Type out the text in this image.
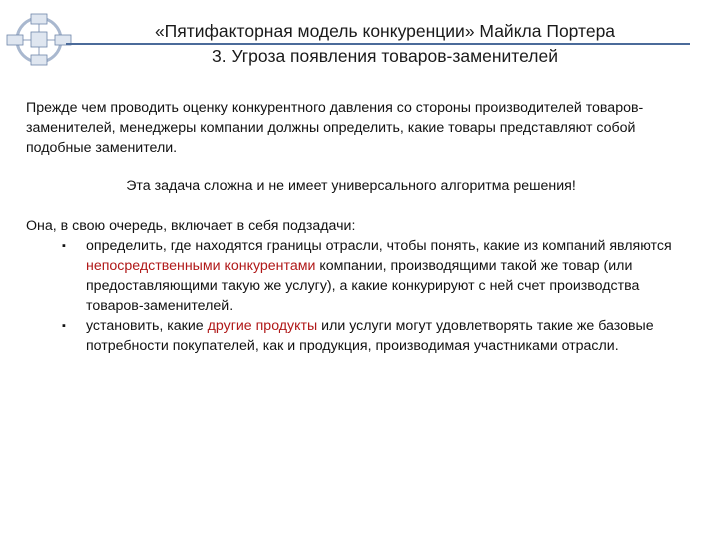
«Пятифакторная модель конкуренции» Майкла Портера
3. Угроза появления товаров-заменителей

Прежде чем проводить оценку конкурентного давления со стороны производителей товаров-заменителей, менеджеры компании должны определить, какие товары представляют собой подобные заменители.

Эта задача сложна и не имеет универсального алгоритма решения!

Она, в свою очередь, включает в себя подзадачи:

▪ определить, где находятся границы отрасли, чтобы понять, какие из компаний являются непосредственными конкурентами компании, производящими такой же товар (или предоставляющими такую же услугу), а какие конкурируют с ней счет производства товаров-заменителей.
▪ установить, какие другие продукты или услуги могут удовлетворять такие же базовые потребности покупателей, как и продукция, производимая участниками отрасли.
